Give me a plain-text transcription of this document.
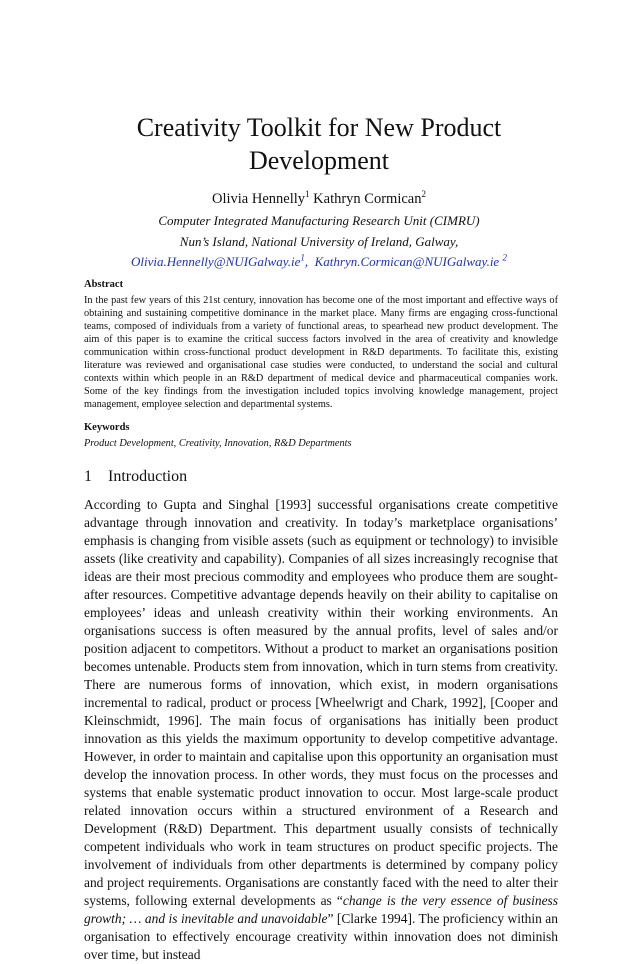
Creativity Toolkit for New Product
Development
Olivia Hennelly$^1$ Kathryn Cormican$^2$
Computer Integrated Manufacturing Research Unit (CIMRU)
Nun’s Island, National University of Ireland, Galway,
$Olivia.Hennelly@NUIGalway.ie^1$, Kathryn.Cormican@NUIGalway.ie $^2$
Abstract

In the past few years of this 21st century, innovation has become one of the most important and effective ways of obtaining and sustaining competitive dominance in the market place. Many firms are engaging cross-functional teams, composed of individuals from a variety of functional areas, to spearhead new product development. The aim of this paper is to examine the critical success factors involved in the area of creativity and knowledge communication within cross-functional product development in R&D departments. To facilitate this, existing literature was reviewed and organisational case studies were conducted, to understand the social and cultural contexts within which people in an R&D department of medical device and pharmaceutical companies work. Some of the key findings from the investigation included topics involving knowledge management, project management, employee selection and departmental systems.

Keywords

Product Development, Creativity, Innovation, R&D Departments

1 Introduction

According to Gupta and Singhal [1993] successful organisations create competitive advantage through innovation and creativity. In today’s marketplace organisations’ emphasis is changing from visible assets (such as equipment or technology) to invisible assets (like creativity and capability). Companies of all sizes increasingly recognise that ideas are their most precious commodity and employees who produce them are sought-after resources. Competitive advantage depends heavily on their ability to capitalise on employees’ ideas and unleash creativity within their working environments. An organisations success is often measured by the annual profits, level of sales and/or position adjacent to competitors. Without a product to market an organisations position becomes untenable. Products stem from innovation, which in turn stems from creativity. There are numerous forms of innovation, which exist, in modern organisations incremental to radical, product or process [Wheelwrigt and Chark, 1992], [Cooper and Kleinschmidt, 1996]. The main focus of organisations has initially been product innovation as this yields the maximum opportunity to develop competitive advantage. However, in order to maintain and capitalise upon this opportunity an organisation must develop the innovation process. In other words, they must focus on the processes and systems that enable systematic product innovation to occur. Most large-scale product related innovation occurs within a structured environment of a Research and Development (R&D) Department. This department usually consists of technically competent individuals who work in team structures on product specific projects. The involvement of individuals from other departments is determined by company policy and project requirements. Organisations are constantly faced with the need to alter their systems, following external developments as “change is the very essence of business growth; … and is inevitable and unavoidable” [Clarke 1994]. The proficiency within an organisation to effectively encourage creativity within innovation does not diminish over time, but instead
